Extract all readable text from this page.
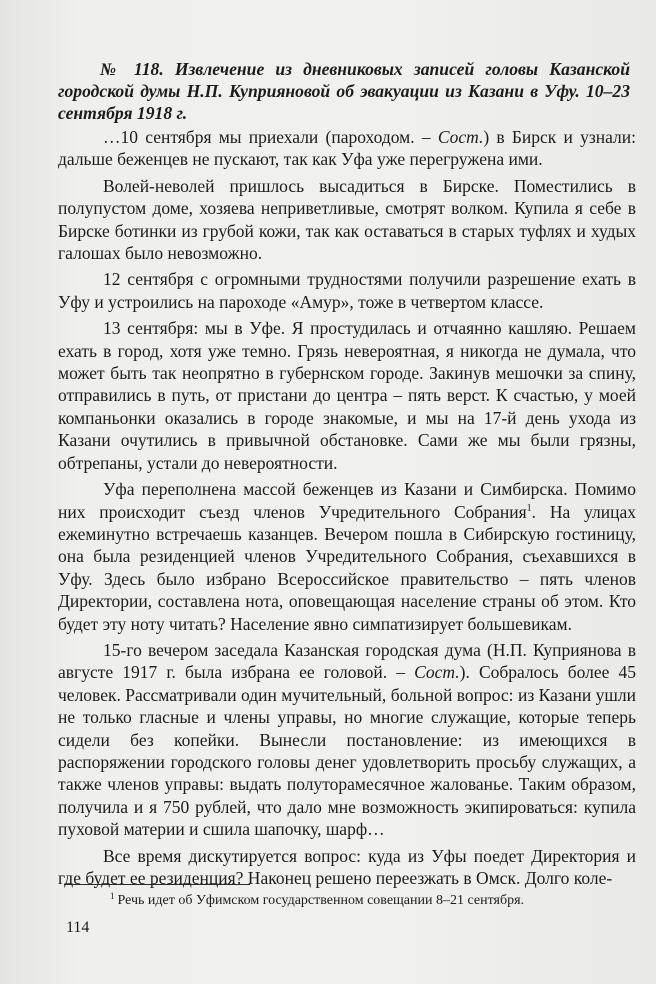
№ 118. Извлечение из дневниковых записей головы Казанской городской думы Н.П. Куприяновой об эвакуации из Казани в Уфу. 10–23 сентября 1918 г.

…10 сентября мы приехали (пароходом. – Сост.) в Бирск и узнали: дальше беженцев не пускают, так как Уфа уже перегружена ими.

Волей-неволей пришлось высадиться в Бирске. Поместились в полупустом доме, хозяева неприветливые, смотрят волком. Купила я себе в Бирске ботинки из грубой кожи, так как оставаться в старых туфлях и худых галошах было невозможно.

12 сентября с огромными трудностями получили разрешение ехать в Уфу и устроились на пароходе «Амур», тоже в четвертом классе.

13 сентября: мы в Уфе. Я простудилась и отчаянно кашляю. Решаем ехать в город, хотя уже темно. Грязь невероятная, я никогда не думала, что может быть так неопрятно в губернском городе. Закинув мешочки за спину, отправились в путь, от пристани до центра – пять верст. К счастью, у моей компаньонки оказались в городе знакомые, и мы на 17-й день ухода из Казани очутились в привычной обстановке. Сами же мы были грязны, обтрепаны, устали до невероятности.

Уфа переполнена массой беженцев из Казани и Симбирска. Помимо них происходит съезд членов Учредительного Собрания$^1$. На улицах ежеминутно встречаешь казанцев. Вечером пошла в Сибирскую гостиницу, она была резиденцией членов Учредительного Собрания, съехавшихся в Уфу. Здесь было избрано Всероссийское правительство – пять членов Директории, составлена нота, оповещающая население страны об этом. Кто будет эту ноту читать? Население явно симпатизирует большевикам.

15-го вечером заседала Казанская городская дума (Н.П. Куприянова в августе 1917 г. была избрана ее головой. – Сост.). Собралось более 45 человек. Рассматривали один мучительный, больной вопрос: из Казани ушли не только гласные и члены управы, но многие служащие, которые теперь сидели без копейки. Вынесли постановление: из имеющихся в распоряжении городского головы денег удовлетворить просьбу служащих, а также членов управы: выдать полуторамесячное жалованье. Таким образом, получила и я 750 рублей, что дало мне возможность экипироваться: купила пуховой материи и сшила шапочку, шарф…

Все время дискутируется вопрос: куда из Уфы поедет Директория и где будет ее резиденция? Наконец решено переезжать в Омск. Долго коле-

$^1$ Речь идет об Уфимском государственном совещании 8–21 сентября.

114
